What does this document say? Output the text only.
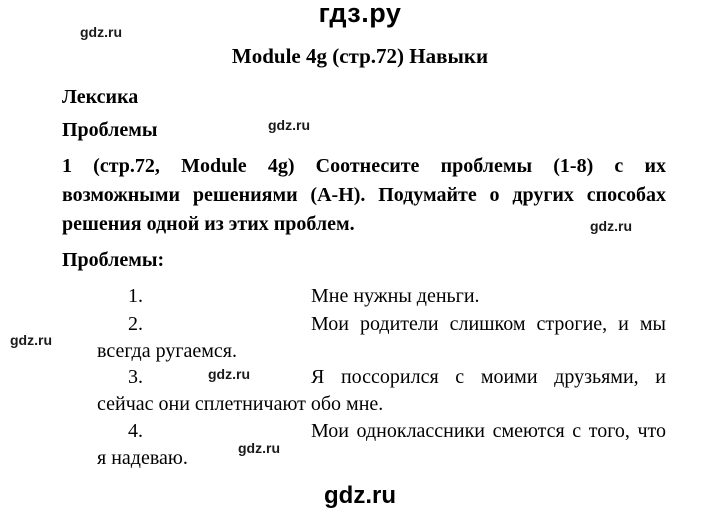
гдз.ру
gdz.ru
gdz.ru
gdz.ru
gdz.ru
gdz.ru
gdz.ru
Module 4g (стр.72) Навыки
Лексика
Проблемы

1 (стр.72, Module 4g) Соотнесите проблемы (1-8) с их
возможными решениями (A-H). Подумайте о других способах
решения одной из этих проблем.

Проблемы:
1.	Мне нужны деньги.
2.	Мои родители слишком строгие, и мы
всегда ругаемся.
3.	Я поссорился с моими друзьями, и
сейчас они сплетничают обо мне.
4.	Мои одноклассники смеются с того, что
я надеваю.
gdz.ru
